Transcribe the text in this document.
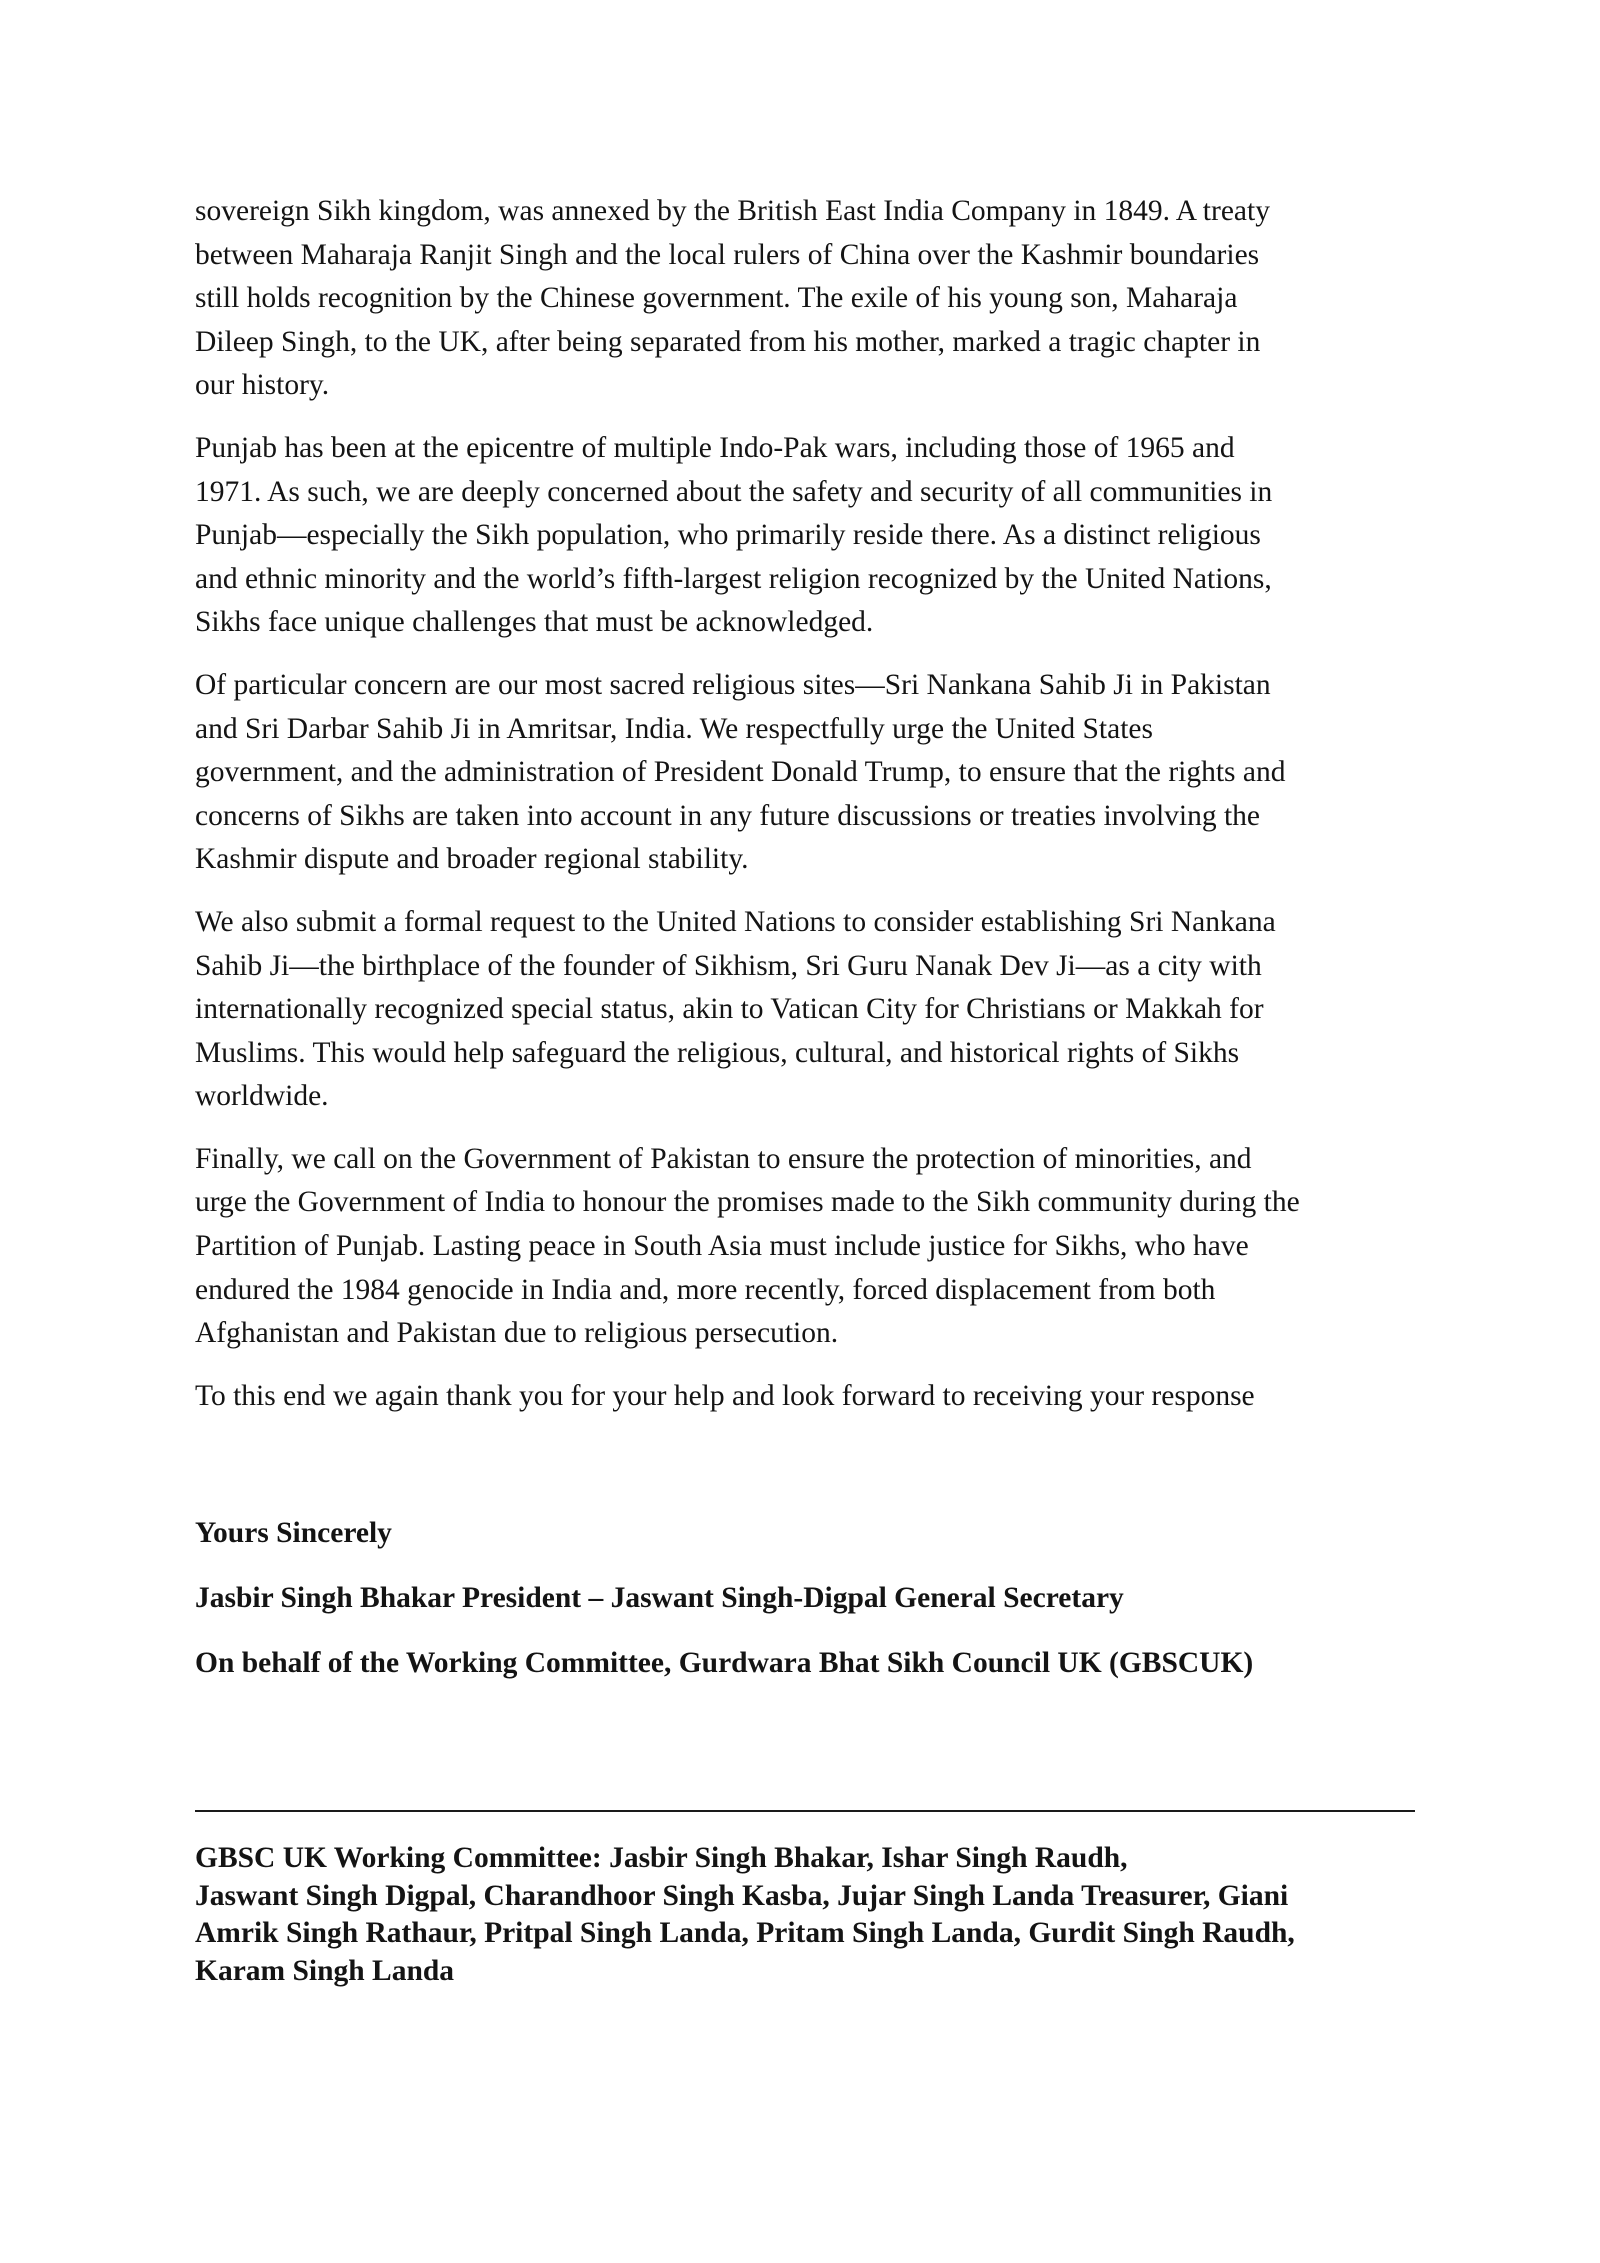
sovereign Sikh kingdom, was annexed by the British East India Company in 1849. A treaty
between Maharaja Ranjit Singh and the local rulers of China over the Kashmir boundaries
still holds recognition by the Chinese government. The exile of his young son, Maharaja
Dileep Singh, to the UK, after being separated from his mother, marked a tragic chapter in
our history.

Punjab has been at the epicentre of multiple Indo-Pak wars, including those of 1965 and
1971. As such, we are deeply concerned about the safety and security of all communities in
Punjab—especially the Sikh population, who primarily reside there. As a distinct religious
and ethnic minority and the world’s fifth-largest religion recognized by the United Nations,
Sikhs face unique challenges that must be acknowledged.

Of particular concern are our most sacred religious sites—Sri Nankana Sahib Ji in Pakistan
and Sri Darbar Sahib Ji in Amritsar, India. We respectfully urge the United States
government, and the administration of President Donald Trump, to ensure that the rights and
concerns of Sikhs are taken into account in any future discussions or treaties involving the
Kashmir dispute and broader regional stability.

We also submit a formal request to the United Nations to consider establishing Sri Nankana
Sahib Ji—the birthplace of the founder of Sikhism, Sri Guru Nanak Dev Ji—as a city with
internationally recognized special status, akin to Vatican City for Christians or Makkah for
Muslims. This would help safeguard the religious, cultural, and historical rights of Sikhs
worldwide.

Finally, we call on the Government of Pakistan to ensure the protection of minorities, and
urge the Government of India to honour the promises made to the Sikh community during the
Partition of Punjab. Lasting peace in South Asia must include justice for Sikhs, who have
endured the 1984 genocide in India and, more recently, forced displacement from both
Afghanistan and Pakistan due to religious persecution.

To this end we again thank you for your help and look forward to receiving your response

Yours Sincerely
Jasbir Singh Bhakar President – Jaswant Singh-Digpal General Secretary
On behalf of the Working Committee, Gurdwara Bhat Sikh Council UK (GBSCUK)
GBSC UK Working Committee: Jasbir Singh Bhakar, Ishar Singh Raudh,
Jaswant Singh Digpal, Charandhoor Singh Kasba, Jujar Singh Landa Treasurer, Giani
Amrik Singh Rathaur, Pritpal Singh Landa, Pritam Singh Landa, Gurdit Singh Raudh,
Karam Singh Landa
